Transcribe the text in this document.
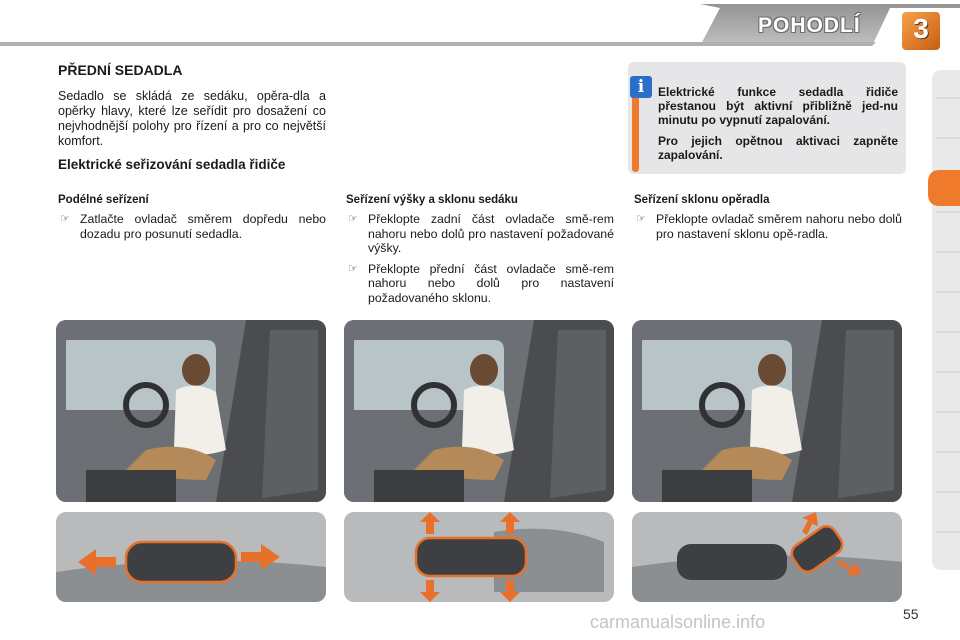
POHODLÍ	3
PŘEDNÍ SEDADLA
Sedadlo se skládá ze sedáku, opěra-dla a opěrky hlavy, které lze seřídit pro dosažení co nejvhodnější polohy pro řízení a pro co největší komfort.
Elektrické seřizování sedadla řidiče
i	Elektrické funkce sedadla řidiče přestanou být aktivní přibližně jed-nu minutu po vypnutí zapalování.

Pro jejich opětnou aktivaci zapněte zapalování.

Podélné seřízení
☞ Zatlačte ovladač směrem dopředu nebo dozadu pro posunutí sedadla.
Seřízení výšky a sklonu sedáku
☞ Překlopte zadní část ovladače smě-rem nahoru nebo dolů pro nastavení požadované výšky.
☞ Překlopte přední část ovladače smě-rem nahoru nebo dolů pro nastavení požadovaného sklonu.
Seřízení sklonu opěradla
☞ Překlopte ovladač směrem nahoru nebo dolů pro nastavení sklonu opě-radla.
55
carmanualsonline.info
